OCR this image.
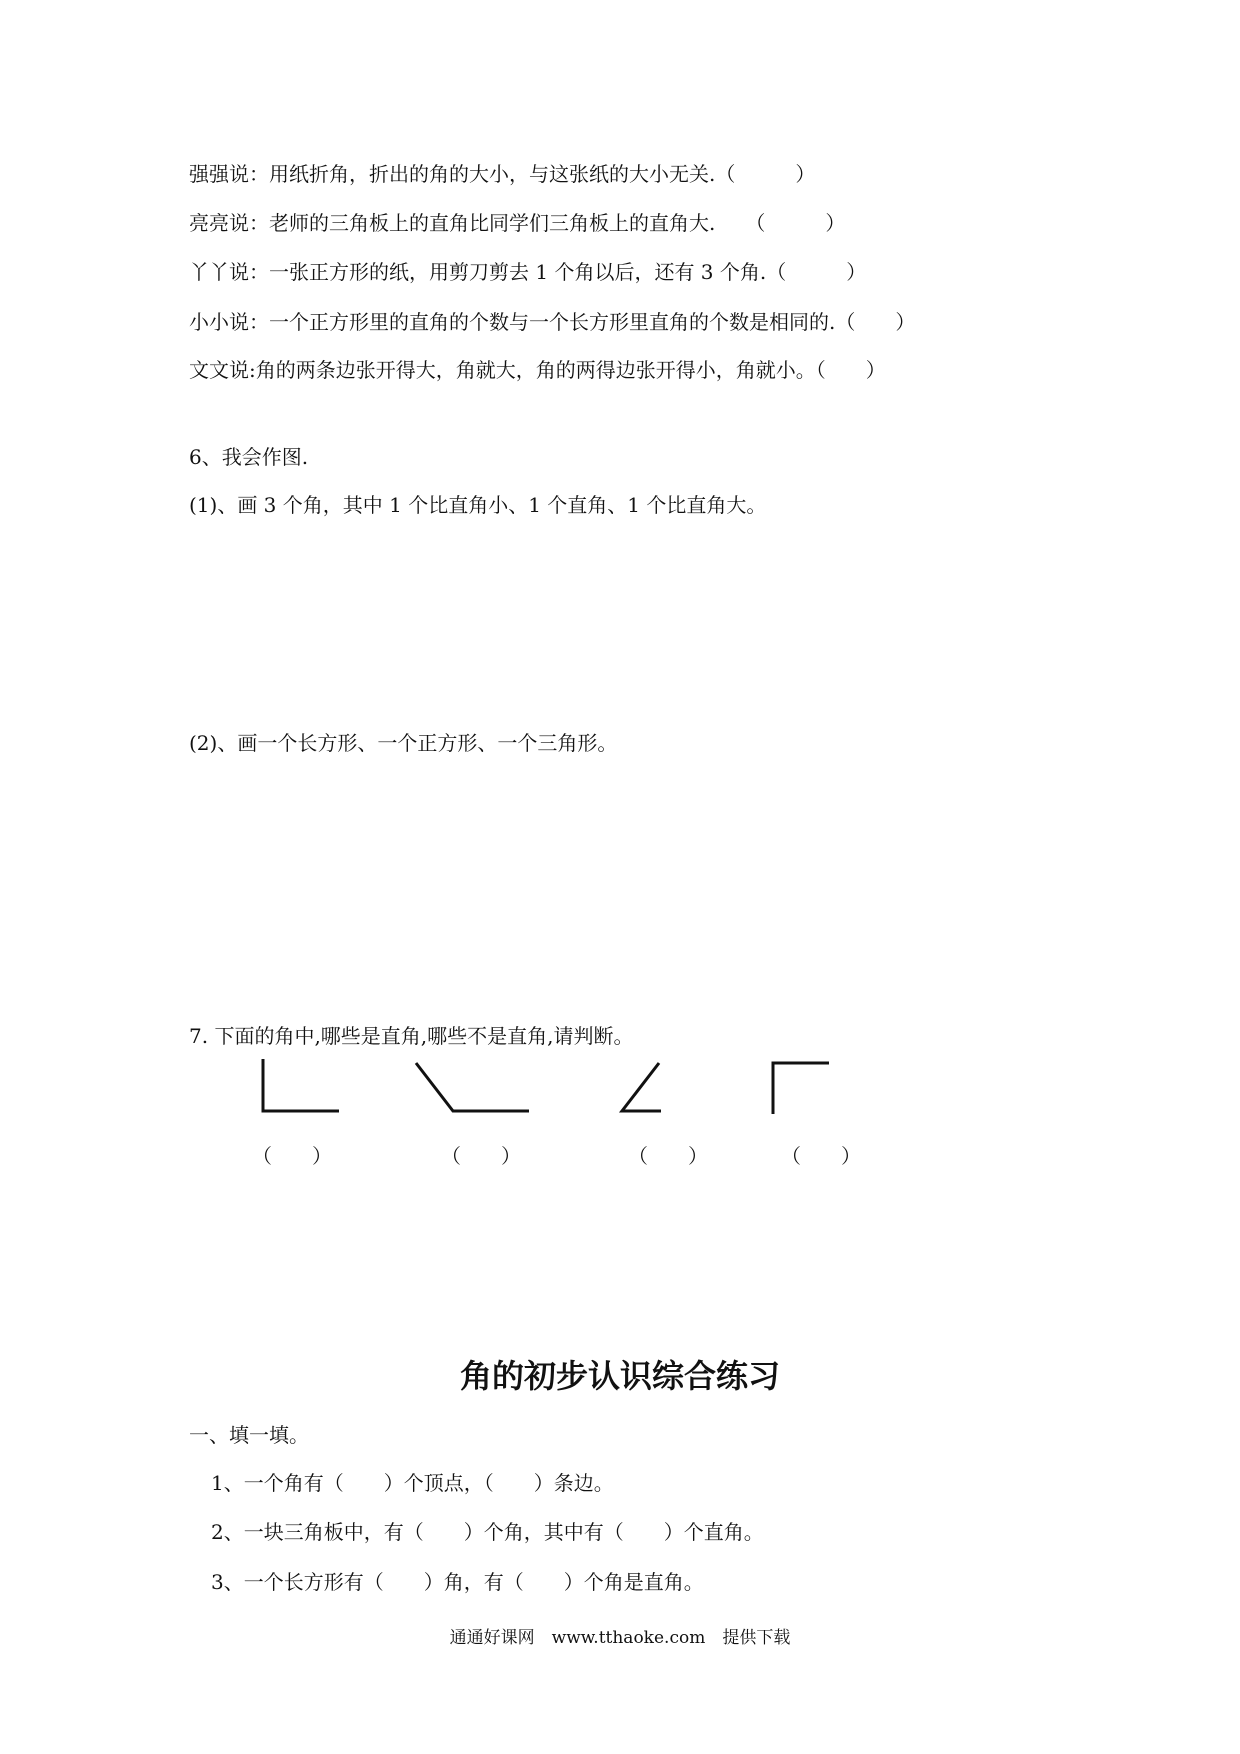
强强说：用纸折角，折出的角的大小，与这张纸的大小无关.（　　　）
亮亮说：老师的三角板上的直角比同学们三角板上的直角大.　　（　　　）
丫丫说：一张正方形的纸，用剪刀剪去 1 个角以后，还有 3 个角.（　　　）
小小说：一个正方形里的直角的个数与一个长方形里直角的个数是相同的.（　　）
文文说:角的两条边张开得大，角就大，角的两得边张开得小，角就小。（　　）
6、我会作图.
(1)、画 3 个角，其中 1 个比直角小、1 个直角、1 个比直角大。
(2)、画一个长方形、一个正方形、一个三角形。
7. 下面的角中,哪些是直角,哪些不是直角,请判断。
（　　）	（　　）	（　　）	（　　）
角的初步认识综合练习
一、填一填。
1、一个角有（　　）个顶点，（　　）条边。
2、一块三角板中，有（　　）个角，其中有（　　）个直角。
3、一个长方形有（　　）角，有（　　）个角是直角。
通通好课网　www.tthaoke.com　提供下载
